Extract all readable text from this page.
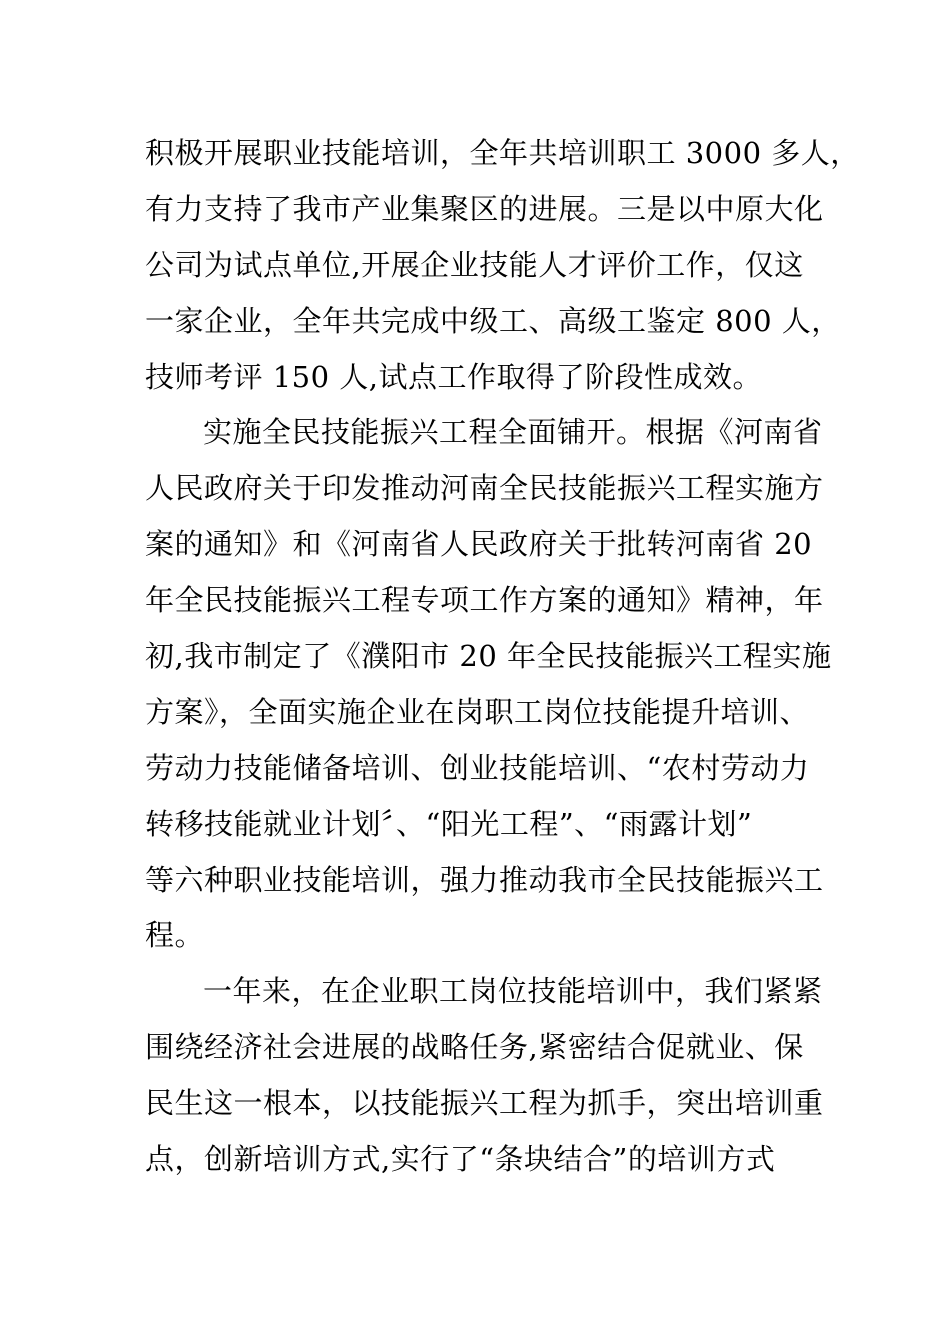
积极开展职业技能培训，全年共培训职工 3000 多人，
有力支持了我市产业集聚区的进展。三是以中原大化
公司为试点单位,开展企业技能人才评价工作，仅这
一家企业，全年共完成中级工、高级工鉴定 800 人，
技师考评 150 人,试点工作取得了阶段性成效。
实施全民技能振兴工程全面铺开。根据《河南省
人民政府关于印发推动河南全民技能振兴工程实施方
案的通知》和《河南省人民政府关于批转河南省 20
年全民技能振兴工程专项工作方案的通知》精神，年
初,我市制定了《濮阳市 20 年全民技能振兴工程实施
方案》，全面实施企业在岗职工岗位技能提升培训、
劳动力技能储备培训、创业技能培训、“农村劳动力
转移技能就业计划〞、“阳光工程”、“雨露计划”
等六种职业技能培训，强力推动我市全民技能振兴工
程。
一年来，在企业职工岗位技能培训中，我们紧紧
围绕经济社会进展的战略任务,紧密结合促就业、保
民生这一根本，以技能振兴工程为抓手，突出培训重
点，创新培训方式,实行了“条块结合”的培训方式
